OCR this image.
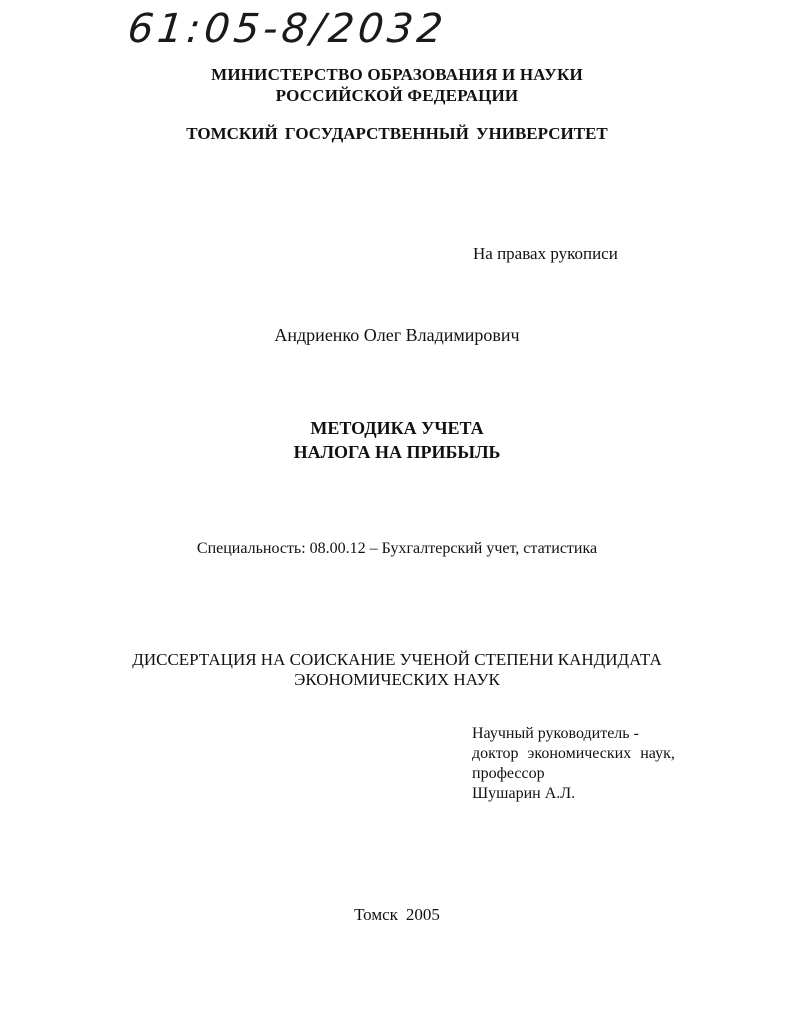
61:05-8/2032
МИНИСТЕРСТВО ОБРАЗОВАНИЯ И НАУКИ
РОССИЙСКОЙ ФЕДЕРАЦИИ
ТОМСКИЙ ГОСУДАРСТВЕННЫЙ УНИВЕРСИТЕТ
На правах рукописи
Андриенко Олег Владимирович
МЕТОДИКА УЧЕТА
НАЛОГА НА ПРИБЫЛЬ
Специальность: 08.00.12 – Бухгалтерский учет, статистика
ДИССЕРТАЦИЯ НА СОИСКАНИЕ УЧЕНОЙ СТЕПЕНИ КАНДИДАТА
ЭКОНОМИЧЕСКИХ НАУК
Научный руководитель -
доктор экономических наук,
профессор
Шушарин А.Л.
Томск 2005
